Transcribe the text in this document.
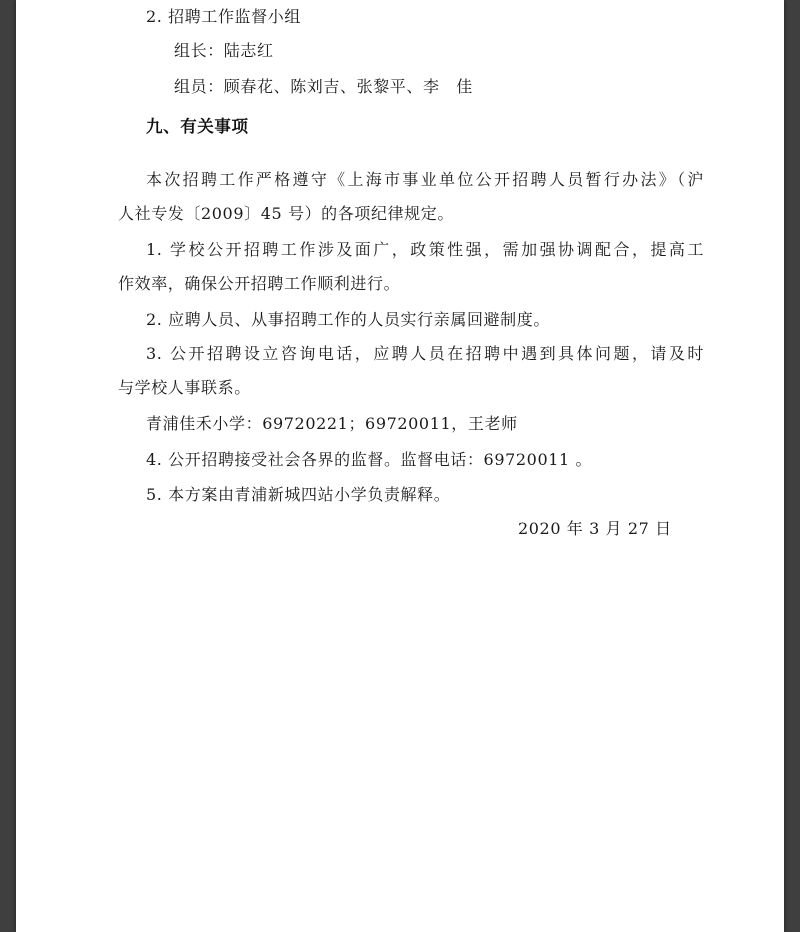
2. 招聘工作监督小组
组长：陆志红
组员：顾春花、陈刘吉、张黎平、李　佳
九、有关事项
本次招聘工作严格遵守《上海市事业单位公开招聘人员暂行办法》（沪
人社专发〔2009〕45 号）的各项纪律规定。
1. 学校公开招聘工作涉及面广，政策性强，需加强协调配合，提高工
作效率，确保公开招聘工作顺利进行。
2. 应聘人员、从事招聘工作的人员实行亲属回避制度。
3. 公开招聘设立咨询电话，应聘人员在招聘中遇到具体问题，请及时
与学校人事联系。
青浦佳禾小学：69720221；69720011，王老师
4. 公开招聘接受社会各界的监督。监督电话：69720011 。
5. 本方案由青浦新城四站小学负责解释。
2020 年 3 月 27 日
